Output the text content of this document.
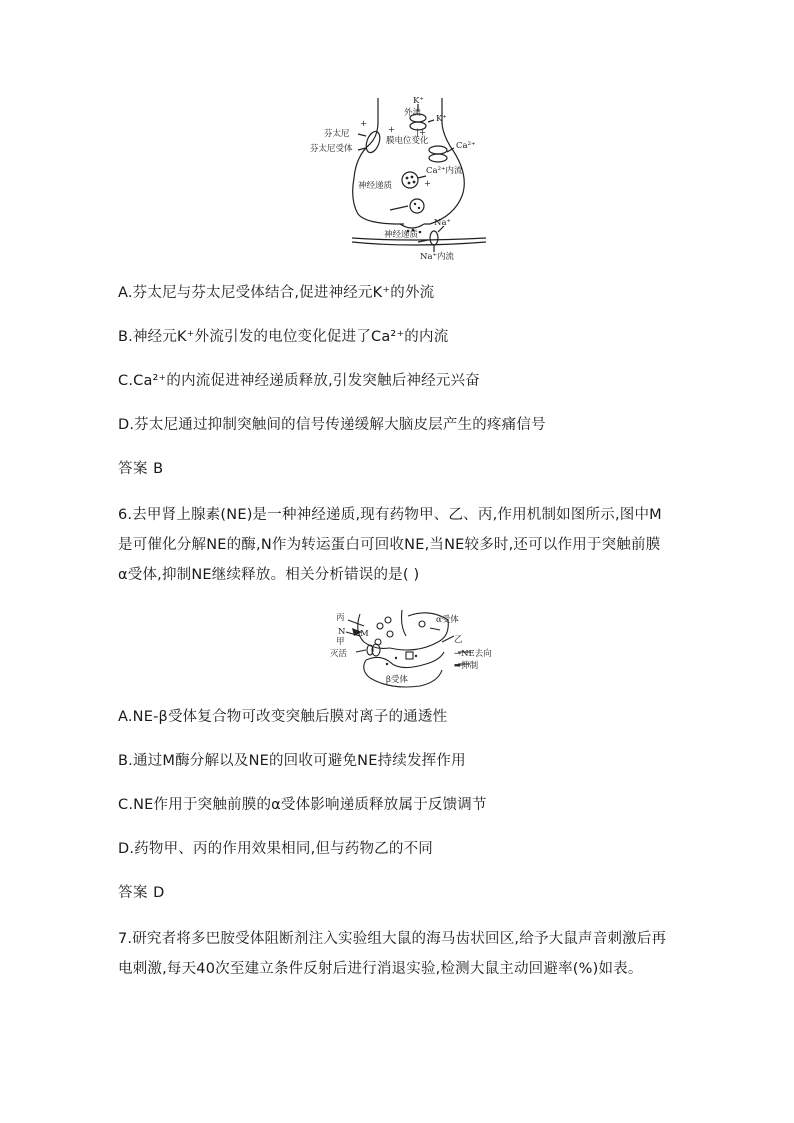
K⁺
外流
K⁺
|+
芬太尼
芬太尼受体
+
+
膜电位变化	Ca²⁺
Ca²⁺内流
+
神经递质
Na⁺
神经递质
Na⁺内流
A.芬太尼与芬太尼受体结合,促进神经元K⁺的外流
B.神经元K⁺外流引发的电位变化促进了Ca²⁺的内流
C.Ca²⁺的内流促进神经递质释放,引发突触后神经元兴奋
D.芬太尼通过抑制突触间的信号传递缓解大脑皮层产生的疼痛信号
答案 B
6.去甲肾上腺素(NE)是一种神经递质,现有药物甲、乙、丙,作用机制如图所示,图中M
是可催化分解NE的酶,N作为转运蛋白可回收NE,当NE较多时,还可以作用于突触前膜
α受体,抑制NE继续释放。相关分析错误的是( )
丙
N
甲
M
灭活
α受体
乙
β受体
→NE去向
➡抑制
A.NE-β受体复合物可改变突触后膜对离子的通透性
B.通过M酶分解以及NE的回收可避免NE持续发挥作用
C.NE作用于突触前膜的α受体影响递质释放属于反馈调节
D.药物甲、丙的作用效果相同,但与药物乙的不同
答案 D
7.研究者将多巴胺受体阻断剂注入实验组大鼠的海马齿状回区,给予大鼠声音刺激后再
电刺激,每天40次至建立条件反射后进行消退实验,检测大鼠主动回避率(%)如表。
